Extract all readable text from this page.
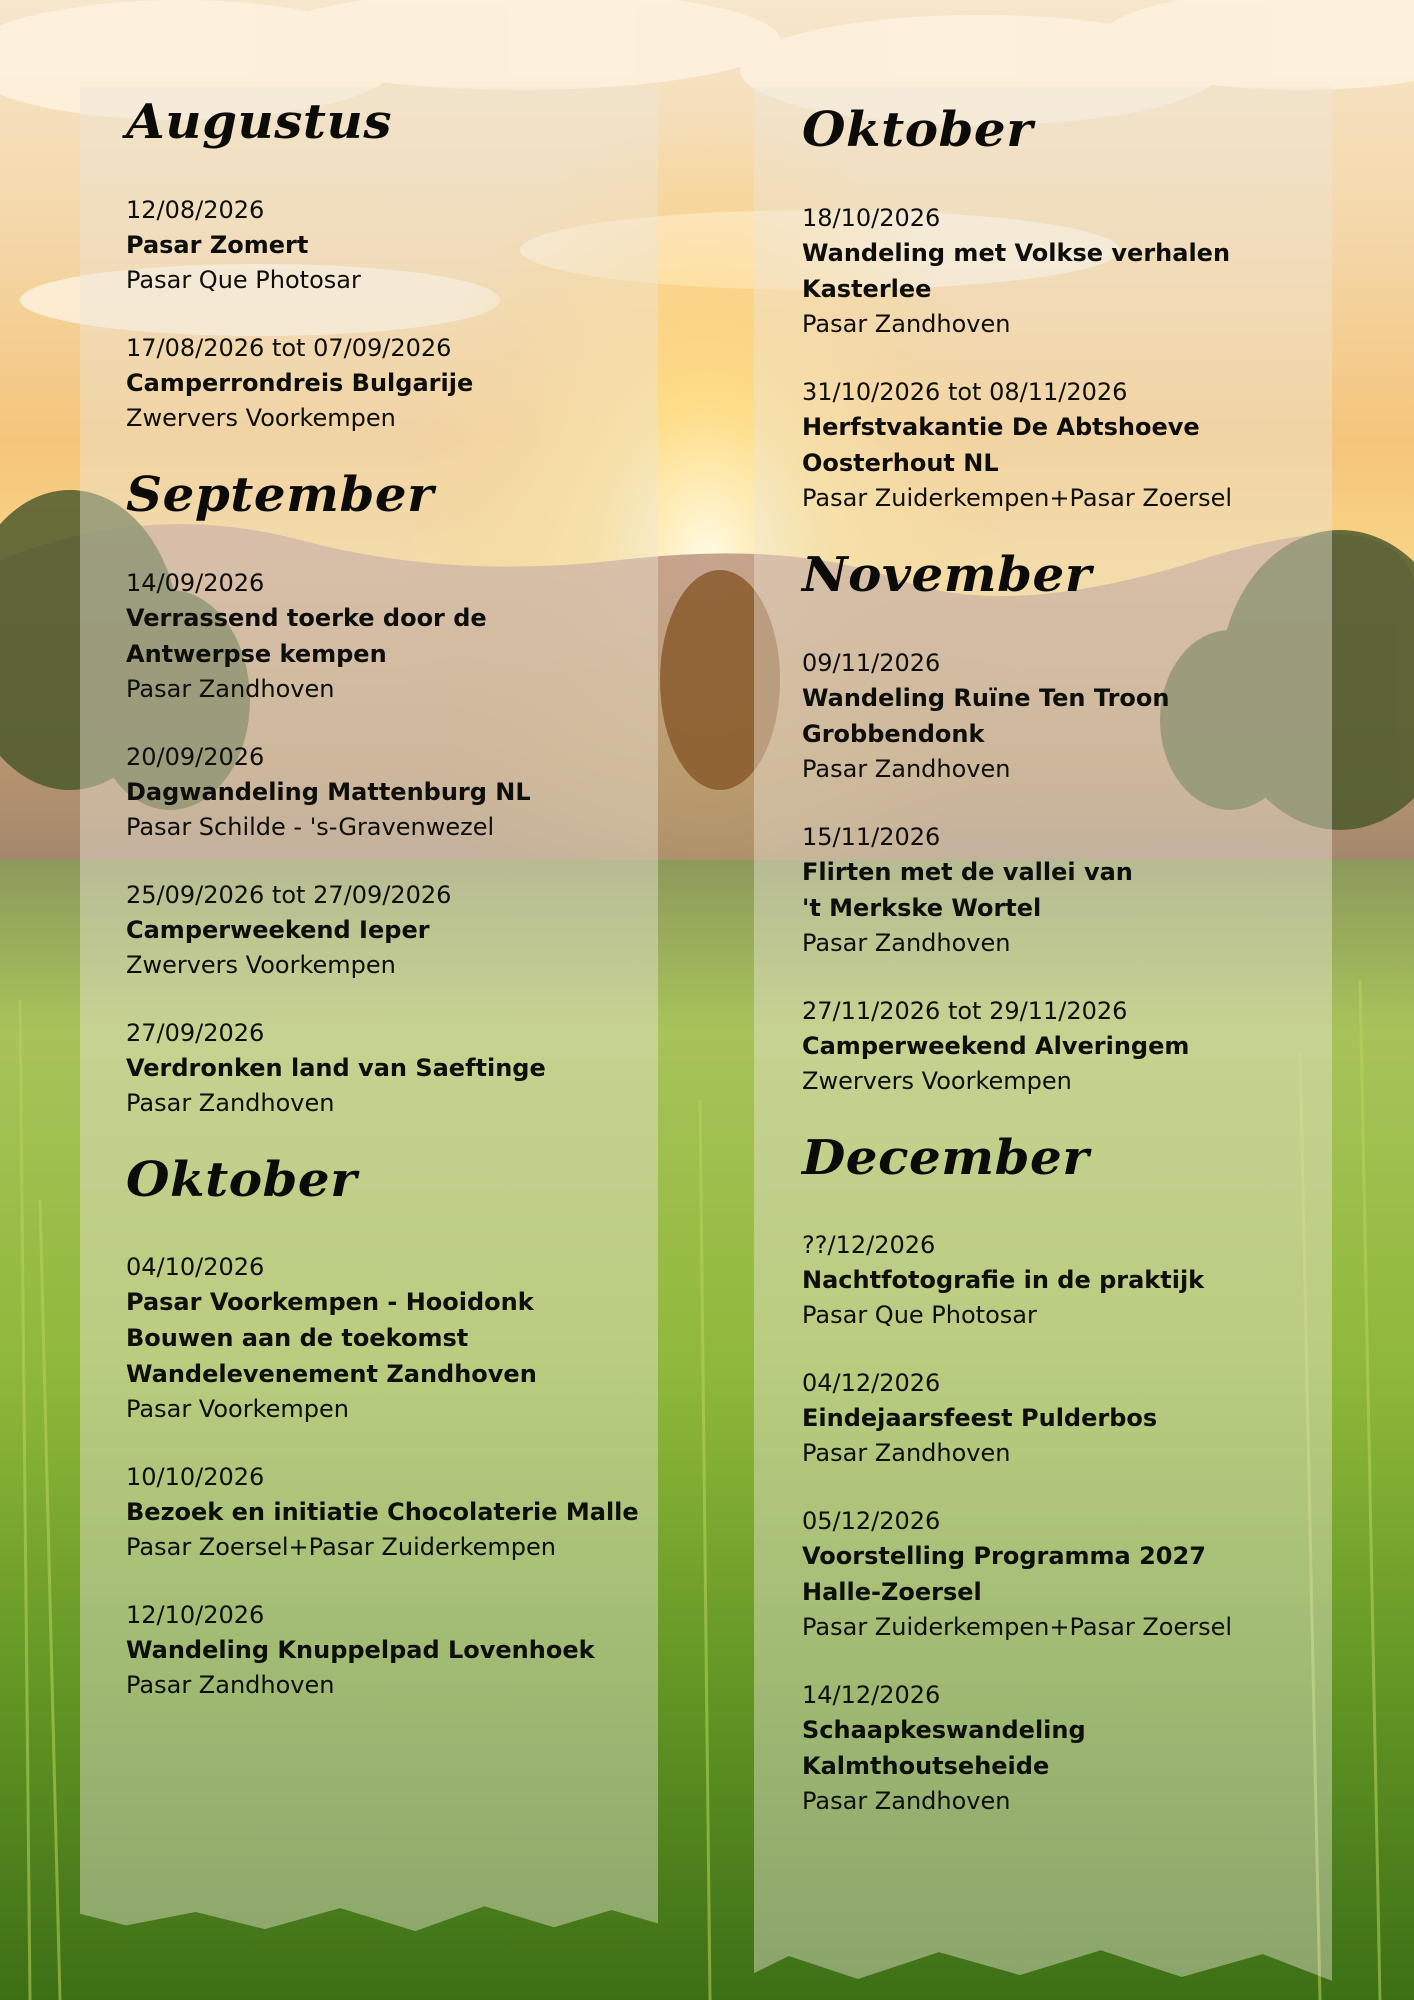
Augustus
12/08/2026
Pasar Zomert
Pasar Que Photosar
17/08/2026 tot 07/09/2026
Camperrondreis Bulgarije
Zwervers Voorkempen
September
14/09/2026
Verrassend toerke door de
Antwerpse kempen
Pasar Zandhoven
20/09/2026
Dagwandeling Mattenburg NL
Pasar Schilde - 's-Gravenwezel
25/09/2026 tot 27/09/2026
Camperweekend Ieper
Zwervers Voorkempen
27/09/2026
Verdronken land van Saeftinge
Pasar Zandhoven
Oktober
04/10/2026
Pasar Voorkempen - Hooidonk
Bouwen aan de toekomst
Wandelevenement Zandhoven
Pasar Voorkempen
10/10/2026
Bezoek en initiatie Chocolaterie Malle
Pasar Zoersel+Pasar Zuiderkempen
12/10/2026
Wandeling Knuppelpad Lovenhoek
Pasar Zandhoven
Oktober
18/10/2026
Wandeling met Volkse verhalen
Kasterlee
Pasar Zandhoven
31/10/2026 tot 08/11/2026
Herfstvakantie De Abtshoeve
Oosterhout NL
Pasar Zuiderkempen+Pasar Zoersel
November
09/11/2026
Wandeling Ruïne Ten Troon
Grobbendonk
Pasar Zandhoven
15/11/2026
Flirten met de vallei van
't Merkske Wortel
Pasar Zandhoven
27/11/2026 tot 29/11/2026
Camperweekend Alveringem
Zwervers Voorkempen
December
??/12/2026
Nachtfotografie in de praktijk
Pasar Que Photosar
04/12/2026
Eindejaarsfeest Pulderbos
Pasar Zandhoven
05/12/2026
Voorstelling Programma 2027
Halle-Zoersel
Pasar Zuiderkempen+Pasar Zoersel
14/12/2026
Schaapkeswandeling
Kalmthoutseheide
Pasar Zandhoven
